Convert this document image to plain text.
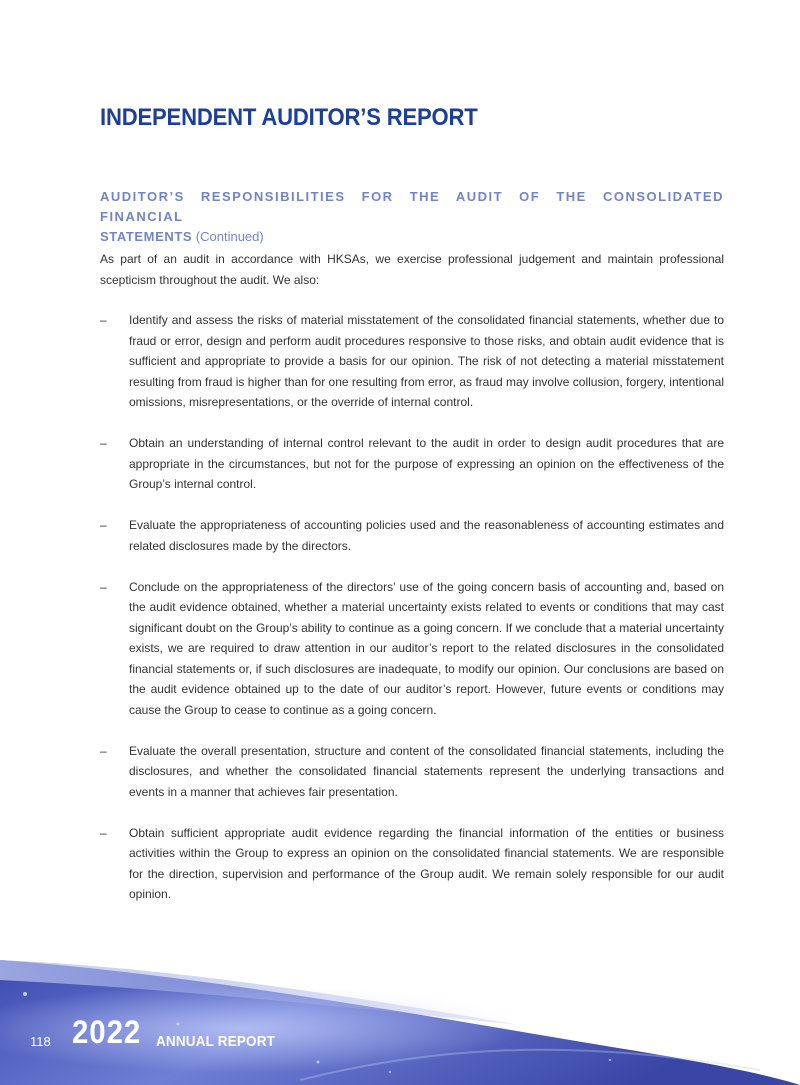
INDEPENDENT AUDITOR’S REPORT

AUDITOR’S RESPONSIBILITIES FOR THE AUDIT OF THE CONSOLIDATED FINANCIAL
STATEMENTS (Continued)

As part of an audit in accordance with HKSAs, we exercise professional judgement and maintain professional scepticism throughout the audit. We also:

– Identify and assess the risks of material misstatement of the consolidated financial statements, whether due to fraud or error, design and perform audit procedures responsive to those risks, and obtain audit evidence that is sufficient and appropriate to provide a basis for our opinion. The risk of not detecting a material misstatement resulting from fraud is higher than for one resulting from error, as fraud may involve collusion, forgery, intentional omissions, misrepresentations, or the override of internal control.
– Obtain an understanding of internal control relevant to the audit in order to design audit procedures that are appropriate in the circumstances, but not for the purpose of expressing an opinion on the effectiveness of the Group’s internal control.
– Evaluate the appropriateness of accounting policies used and the reasonableness of accounting estimates and related disclosures made by the directors.
– Conclude on the appropriateness of the directors’ use of the going concern basis of accounting and, based on the audit evidence obtained, whether a material uncertainty exists related to events or conditions that may cast significant doubt on the Group’s ability to continue as a going concern. If we conclude that a material uncertainty exists, we are required to draw attention in our auditor’s report to the related disclosures in the consolidated financial statements or, if such disclosures are inadequate, to modify our opinion. Our conclusions are based on the audit evidence obtained up to the date of our auditor’s report. However, future events or conditions may cause the Group to cease to continue as a going concern.
– Evaluate the overall presentation, structure and content of the consolidated financial statements, including the disclosures, and whether the consolidated financial statements represent the underlying transactions and events in a manner that achieves fair presentation.
– Obtain sufficient appropriate audit evidence regarding the financial information of the entities or business activities within the Group to express an opinion on the consolidated financial statements. We are responsible for the direction, supervision and performance of the Group audit. We remain solely responsible for our audit opinion.
118 2022 ANNUAL REPORT
